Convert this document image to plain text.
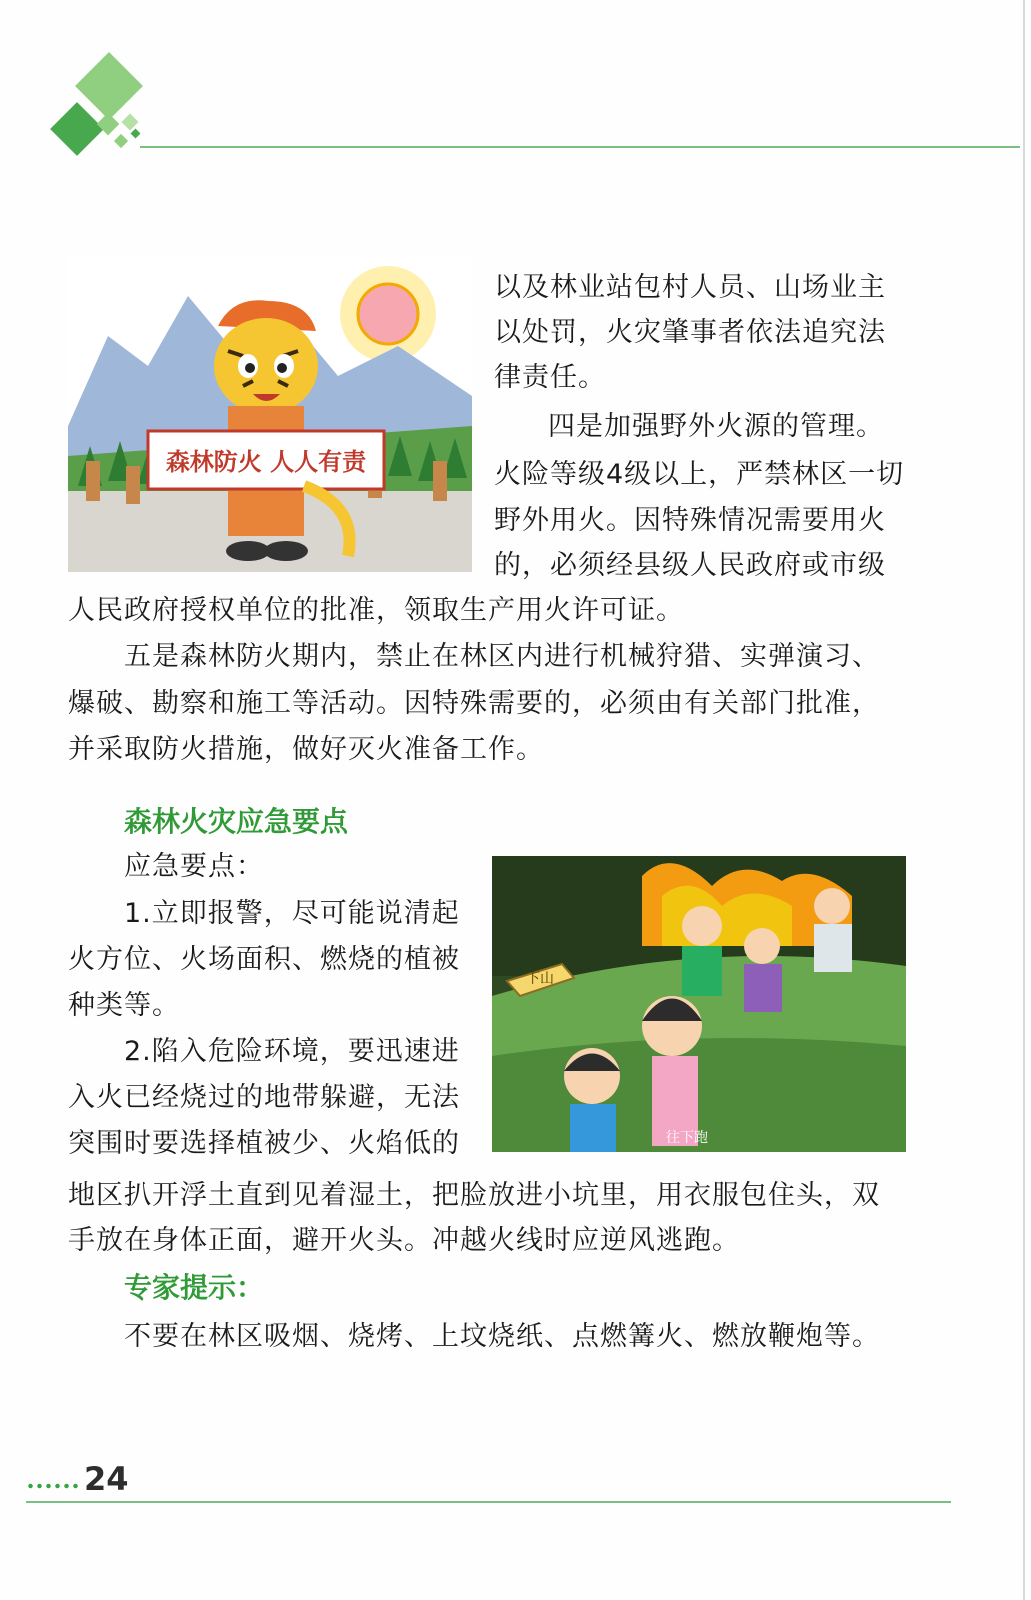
森林防火 人人有责
以及林业站包村人员、山场业主
以处罚，火灾肇事者依法追究法
律责任。
四是加强野外火源的管理。
火险等级4级以上，严禁林区一切
野外用火。因特殊情况需要用火
的，必须经县级人民政府或市级
人民政府授权单位的批准，领取生产用火许可证。
五是森林防火期内，禁止在林区内进行机械狩猎、实弹演习、
爆破、勘察和施工等活动。因特殊需要的，必须由有关部门批准，
并采取防火措施，做好灭火准备工作。
森林火灾应急要点
下山
往下跑
应急要点：
1.立即报警，尽可能说清起
火方位、火场面积、燃烧的植被
种类等。
2.陷入危险环境，要迅速进
入火已经烧过的地带躲避，无法
突围时要选择植被少、火焰低的
地区扒开浮土直到见着湿土，把脸放进小坑里，用衣服包住头，双
手放在身体正面，避开火头。冲越火线时应逆风逃跑。
专家提示：
不要在林区吸烟、烧烤、上坟烧纸、点燃篝火、燃放鞭炮等。
24
